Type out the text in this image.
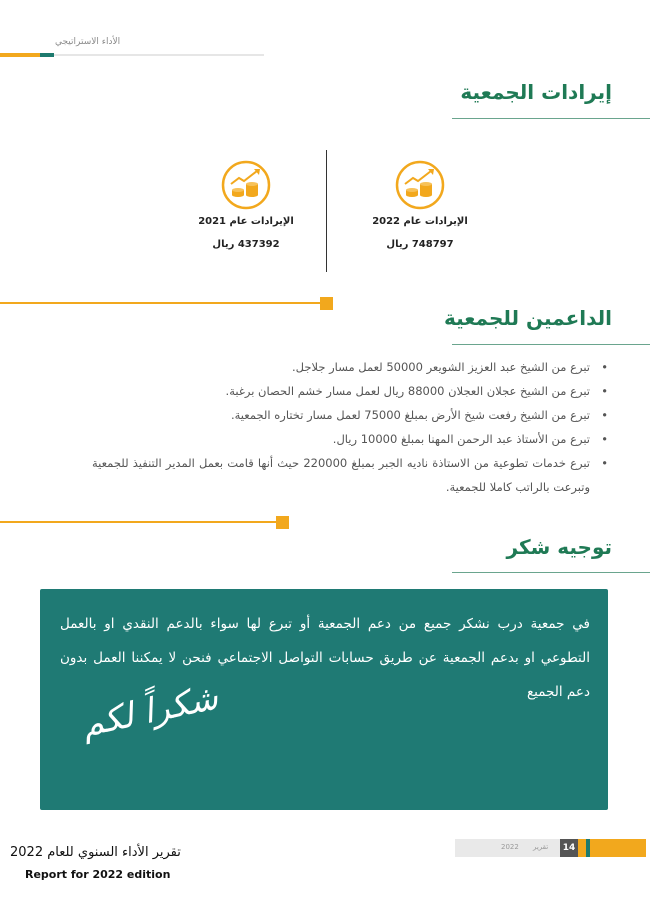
الأداء الاستراتيجي
إيرادات الجمعية
الإيرادات عام 2022
748797 ريال
الإيرادات عام 2021
437392 ريال
الداعمين للجمعية
• تبرع من الشيخ عبد العزيز الشويعر 50000 لعمل مسار جلاجل.
• تبرع من الشيخ عجلان العجلان 88000 ريال لعمل مسار خشم الحصان برغبة.
• تبرع من الشيخ رفعت شيخ الأرض بمبلغ 75000 لعمل مسار تختاره الجمعية.
• تبرع من الأستاذ عبد الرحمن المهنا بمبلغ 10000 ريال.
• تبرع خدمات تطوعية من الاستاذة ناديه الجبر بمبلغ 220000 حيث أنها قامت بعمل المدير التنفيذ للجمعية وتبرعت بالراتب كاملا للجمعية.
توجيه شكر
في جمعية درب نشكر جميع من دعم الجمعية أو تبرع لها سواء بالدعم النقدي او بالعمل التطوعي او بدعم الجمعية عن طريق حسابات التواصل الاجتماعي فنحن لا يمكننا العمل بدون دعم الجميع
شكراً لكم
تقرير الأداء السنوي للعام 2022
Report for 2022 edition
2022 تقرير	14
